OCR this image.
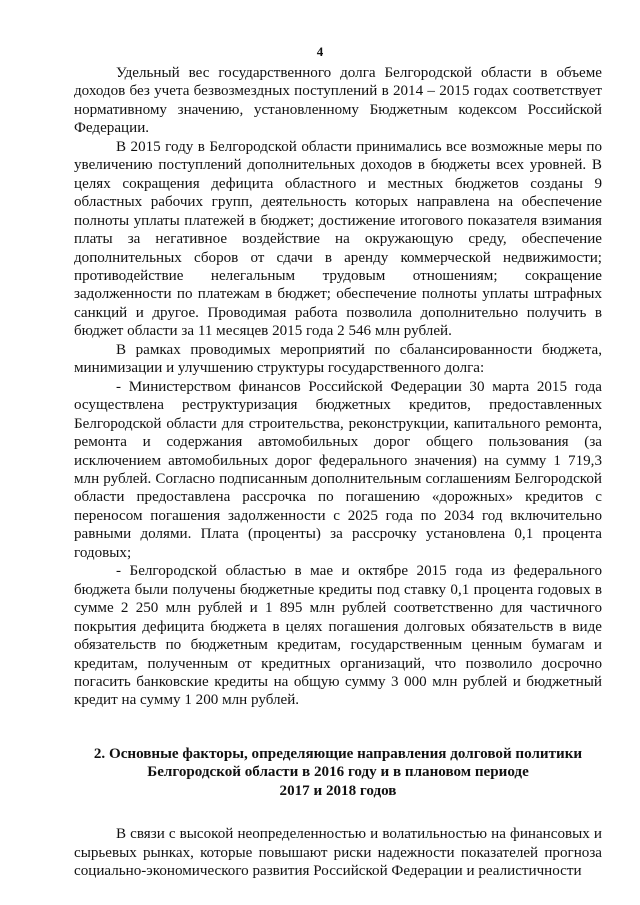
4

Удельный вес государственного долга Белгородской области в объеме доходов без учета безвозмездных поступлений в 2014 – 2015 годах соответствует нормативному значению, установленному Бюджетным кодексом Российской Федерации.

В 2015 году в Белгородской области принимались все возможные меры по увеличению поступлений дополнительных доходов в бюджеты всех уровней. В целях сокращения дефицита областного и местных бюджетов созданы 9 областных рабочих групп, деятельность которых направлена на обеспечение полноты уплаты платежей в бюджет; достижение итогового показателя взимания платы за негативное воздействие на окружающую среду, обеспечение дополнительных сборов от сдачи в аренду коммерческой недвижимости; противодействие нелегальным трудовым отношениям; сокращение задолженности по платежам в бюджет; обеспечение полноты уплаты штрафных санкций и другое. Проводимая работа позволила дополнительно получить в бюджет области за 11 месяцев 2015 года 2 546 млн рублей.

В рамках проводимых мероприятий по сбалансированности бюджета, минимизации и улучшению структуры государственного долга:

- Министерством финансов Российской Федерации 30 марта 2015 года осуществлена реструктуризация бюджетных кредитов, предоставленных Белгородской области для строительства, реконструкции, капитального ремонта, ремонта и содержания автомобильных дорог общего пользования (за исключением автомобильных дорог федерального значения) на сумму 1 719,3 млн рублей. Согласно подписанным дополнительным соглашениям Белгородской области предоставлена рассрочка по погашению «дорожных» кредитов с переносом погашения задолженности с 2025 года по 2034 год включительно равными долями. Плата (проценты) за рассрочку установлена 0,1 процента годовых;

- Белгородской областью в мае и октябре 2015 года из федерального бюджета были получены бюджетные кредиты под ставку 0,1 процента годовых в сумме 2 250 млн рублей и 1 895 млн рублей соответственно для частичного покрытия дефицита бюджета в целях погашения долговых обязательств в виде обязательств по бюджетным кредитам, государственным ценным бумагам и кредитам, полученным от кредитных организаций, что позволило досрочно погасить банковские кредиты на общую сумму 3 000 млн рублей и бюджетный кредит на сумму 1 200 млн рублей.

2. Основные факторы, определяющие направления долговой политики
Белгородской области в 2016 году и в плановом периоде
2017 и 2018 годов

В связи с высокой неопределенностью и волатильностью на финансовых и сырьевых рынках, которые повышают риски надежности показателей прогноза социально-экономического развития Российской Федерации и реалистичности
